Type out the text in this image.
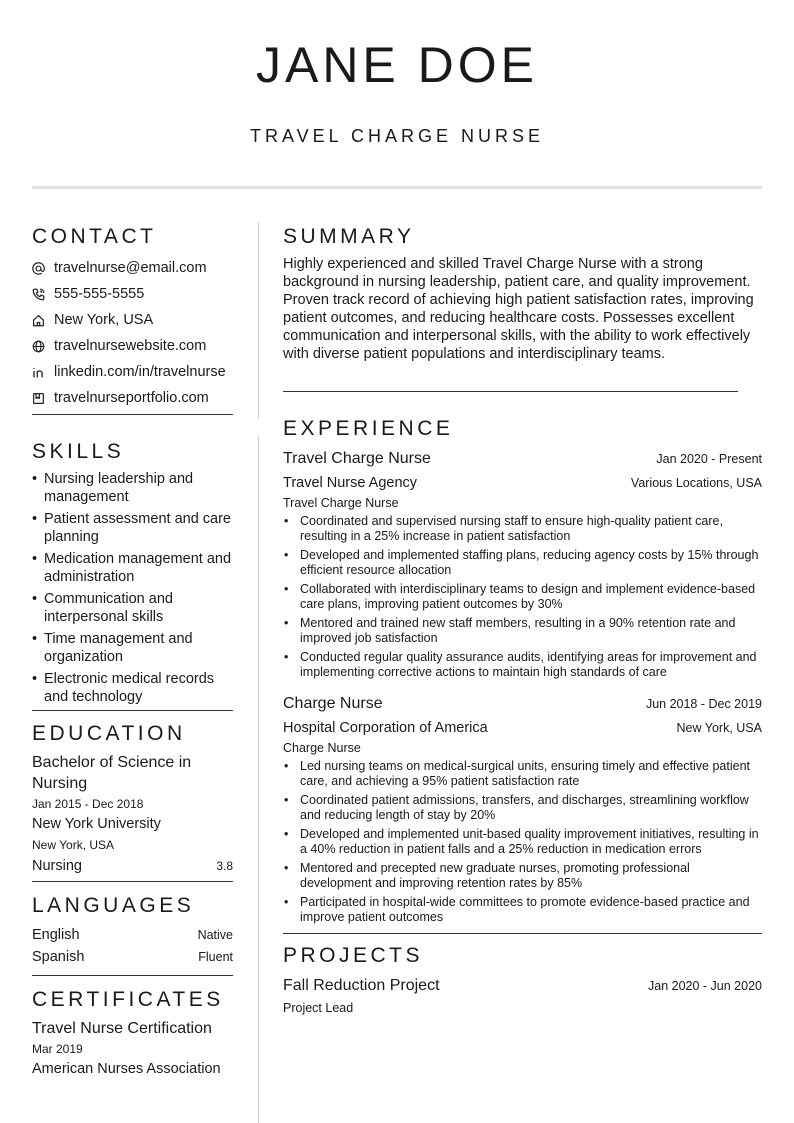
JANE DOE
TRAVEL CHARGE NURSE
CONTACT
travelnurse@email.com
555-555-5555
New York, USA
travelnursewebsite.com
linkedin.com/in/travelnurse
travelnurseportfolio.com
SKILLS
• Nursing leadership and management
• Patient assessment and care planning
• Medication management and administration
• Communication and interpersonal skills
• Time management and organization
• Electronic medical records and technology
EDUCATION
Bachelor of Science in Nursing
Jan 2015 - Dec 2018
New York University
New York, USA
Nursing	3.8
LANGUAGES
English	Native
Spanish	Fluent
CERTIFICATES
Travel Nurse Certification
Mar 2019
American Nurses Association
SUMMARY
Highly experienced and skilled Travel Charge Nurse with a strong background in nursing leadership, patient care, and quality improvement. Proven track record of achieving high patient satisfaction rates, improving patient outcomes, and reducing healthcare costs. Possesses excellent communication and interpersonal skills, with the ability to work effectively with diverse patient populations and interdisciplinary teams.
EXPERIENCE
Travel Charge Nurse	Jan 2020 - Present
Travel Nurse Agency	Various Locations, USA
Travel Charge Nurse
• Coordinated and supervised nursing staff to ensure high-quality patient care, resulting in a 25% increase in patient satisfaction
• Developed and implemented staffing plans, reducing agency costs by 15% through efficient resource allocation
• Collaborated with interdisciplinary teams to design and implement evidence-based care plans, improving patient outcomes by 30%
• Mentored and trained new staff members, resulting in a 90% retention rate and improved job satisfaction
• Conducted regular quality assurance audits, identifying areas for improvement and implementing corrective actions to maintain high standards of care
Charge Nurse	Jun 2018 - Dec 2019
Hospital Corporation of America	New York, USA
Charge Nurse
• Led nursing teams on medical-surgical units, ensuring timely and effective patient care, and achieving a 95% patient satisfaction rate
• Coordinated patient admissions, transfers, and discharges, streamlining workflow and reducing length of stay by 20%
• Developed and implemented unit-based quality improvement initiatives, resulting in a 40% reduction in patient falls and a 25% reduction in medication errors
• Mentored and precepted new graduate nurses, promoting professional development and improving retention rates by 85%
• Participated in hospital-wide committees to promote evidence-based practice and improve patient outcomes
PROJECTS
Fall Reduction Project	Jan 2020 - Jun 2020
Project Lead
